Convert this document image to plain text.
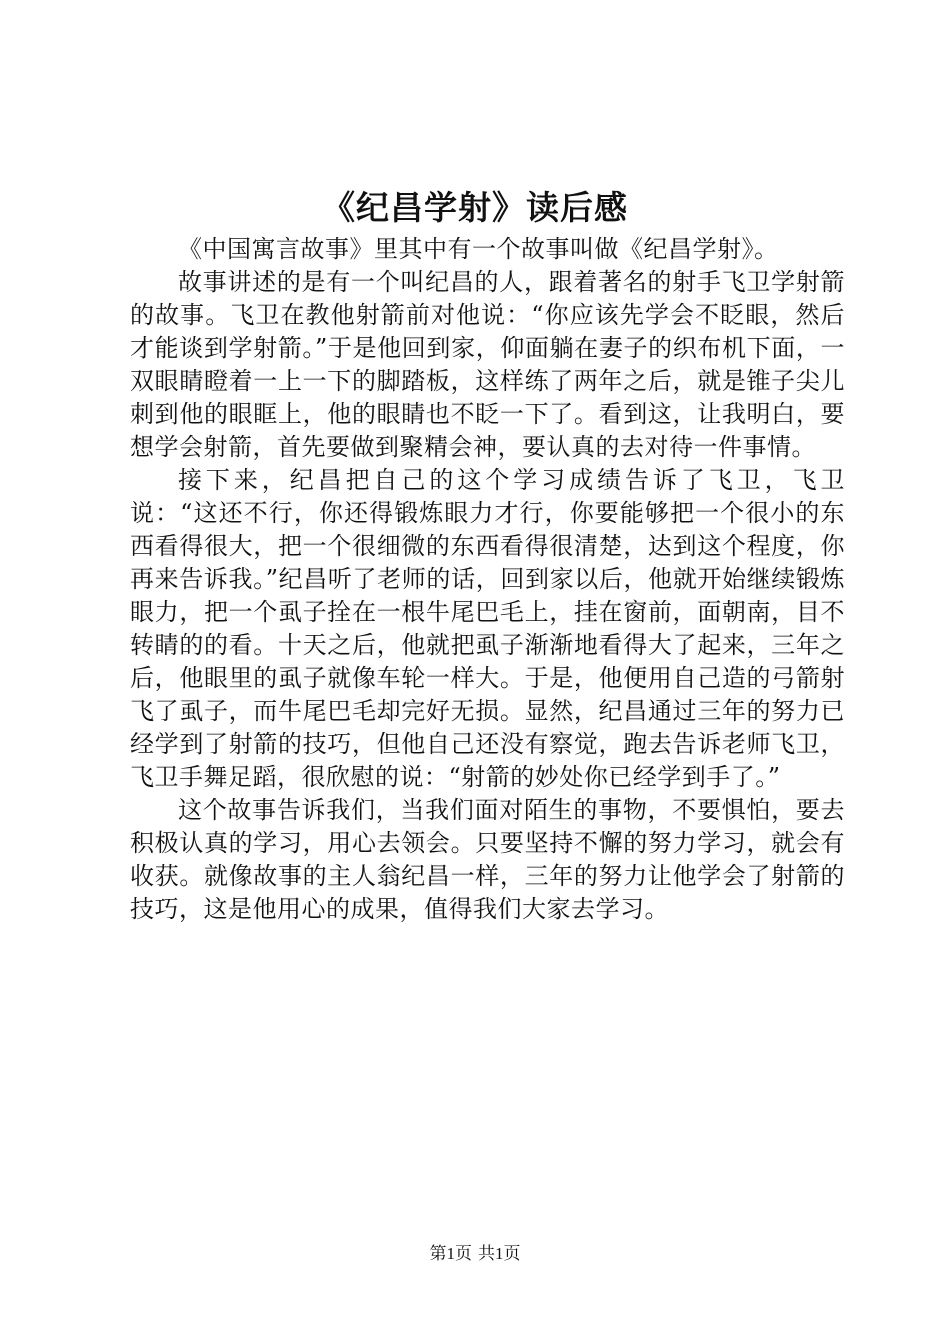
《纪昌学射》读后感

《中国寓言故事》里其中有一个故事叫做《纪昌学射》。

故事讲述的是有一个叫纪昌的人，跟着著名的射手飞卫学射箭的故事。飞卫在教他射箭前对他说：“你应该先学会不眨眼，然后才能谈到学射箭。”于是他回到家，仰面躺在妻子的织布机下面，一双眼睛瞪着一上一下的脚踏板，这样练了两年之后，就是锥子尖儿刺到他的眼眶上，他的眼睛也不眨一下了。看到这，让我明白，要想学会射箭，首先要做到聚精会神，要认真的去对待一件事情。

接下来，纪昌把自己的这个学习成绩告诉了飞卫，飞卫说：“这还不行，你还得锻炼眼力才行，你要能够把一个很小的东西看得很大，把一个很细微的东西看得很清楚，达到这个程度，你再来告诉我。”纪昌听了老师的话，回到家以后，他就开始继续锻炼眼力，把一个虱子拴在一根牛尾巴毛上，挂在窗前，面朝南，目不转睛的的看。十天之后，他就把虱子渐渐地看得大了起来，三年之后，他眼里的虱子就像车轮一样大。于是，他便用自己造的弓箭射飞了虱子，而牛尾巴毛却完好无损。显然，纪昌通过三年的努力已经学到了射箭的技巧，但他自己还没有察觉，跑去告诉老师飞卫，飞卫手舞足蹈，很欣慰的说：“射箭的妙处你已经学到手了。”

这个故事告诉我们，当我们面对陌生的事物，不要惧怕，要去积极认真的学习，用心去领会。只要坚持不懈的努力学习，就会有收获。就像故事的主人翁纪昌一样，三年的努力让他学会了射箭的技巧，这是他用心的成果，值得我们大家去学习。

第1页 共1页
